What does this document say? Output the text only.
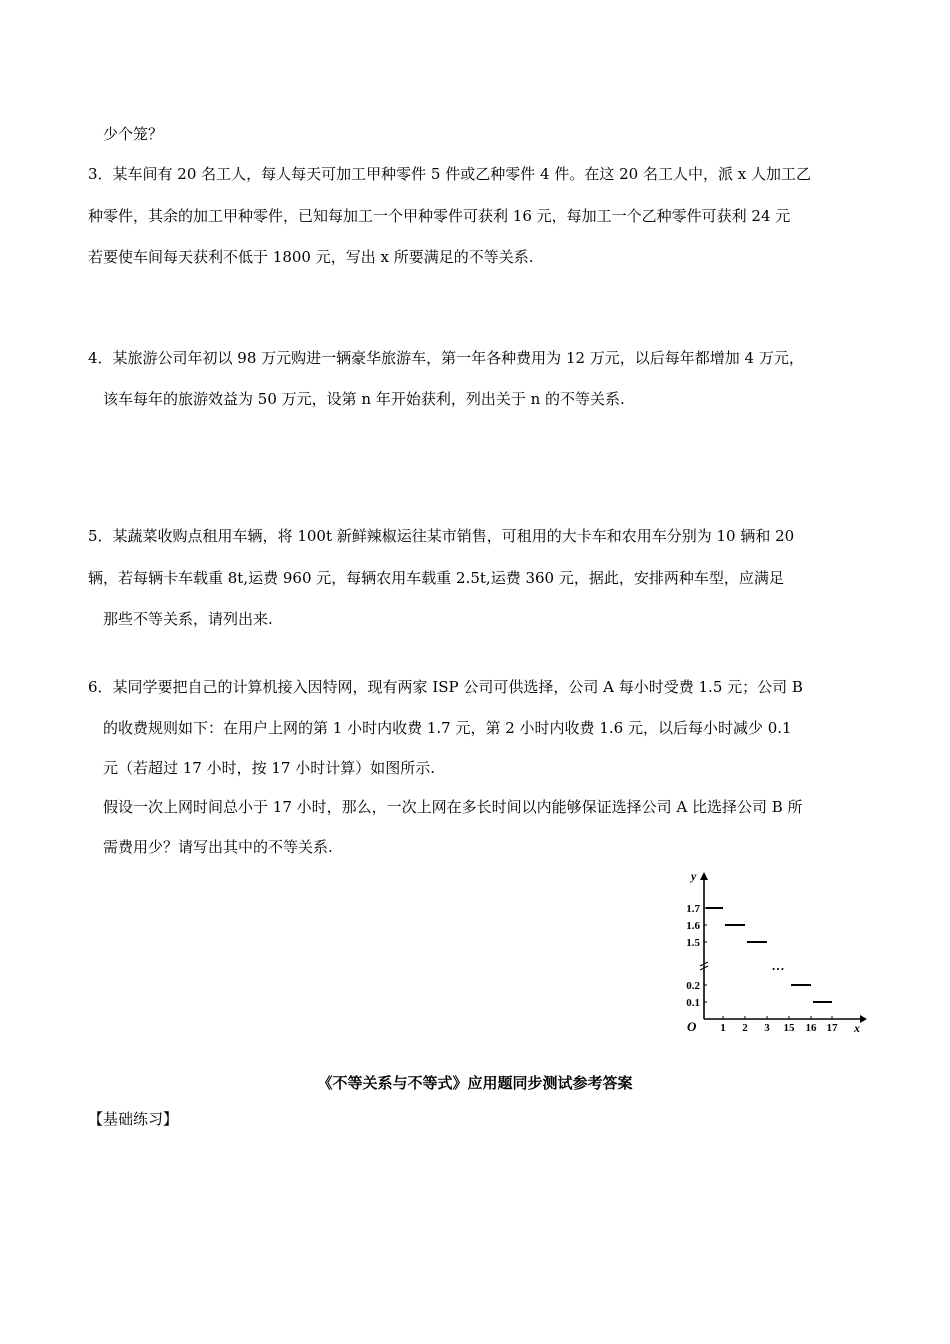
少个笼？
3．某车间有 20 名工人，每人每天可加工甲种零件 5 件或乙种零件 4 件。在这 20 名工人中，派 x 人加工乙
种零件，其余的加工甲种零件，已知每加工一个甲种零件可获利 16 元，每加工一个乙种零件可获利 24 元
若要使车间每天获利不低于 1800 元，写出 x 所要满足的不等关系.
4．某旅游公司年初以 98 万元购进一辆豪华旅游车，第一年各种费用为 12 万元，以后每年都增加 4 万元，
该车每年的旅游效益为 50 万元，设第 n 年开始获利，列出关于 n 的不等关系.
5．某蔬菜收购点租用车辆，将 100t 新鲜辣椒运往某市销售，可租用的大卡车和农用车分别为 10 辆和 20
辆，若每辆卡车载重 8t,运费 960 元，每辆农用车载重 2.5t,运费 360 元，据此，安排两种车型，应满足
那些不等关系，请列出来.
6．某同学要把自己的计算机接入因特网，现有两家 ISP 公司可供选择，公司 A 每小时受费 1.5 元；公司 B
的收费规则如下：在用户上网的第 1 小时内收费 1.7 元，第 2 小时内收费 1.6 元，以后每小时减少 0.1
元（若超过 17 小时，按 17 小时计算）如图所示.
假设一次上网时间总小于 17 小时，那么，一次上网在多长时间以内能够保证选择公司 A 比选择公司 B 所
需费用少？请写出其中的不等关系.
y
x
O 1 2 3 15 16 17
1.7
1.6
1.5
0.2
0.1
…
《不等关系与不等式》应用题同步测试参考答案
【基础练习】
